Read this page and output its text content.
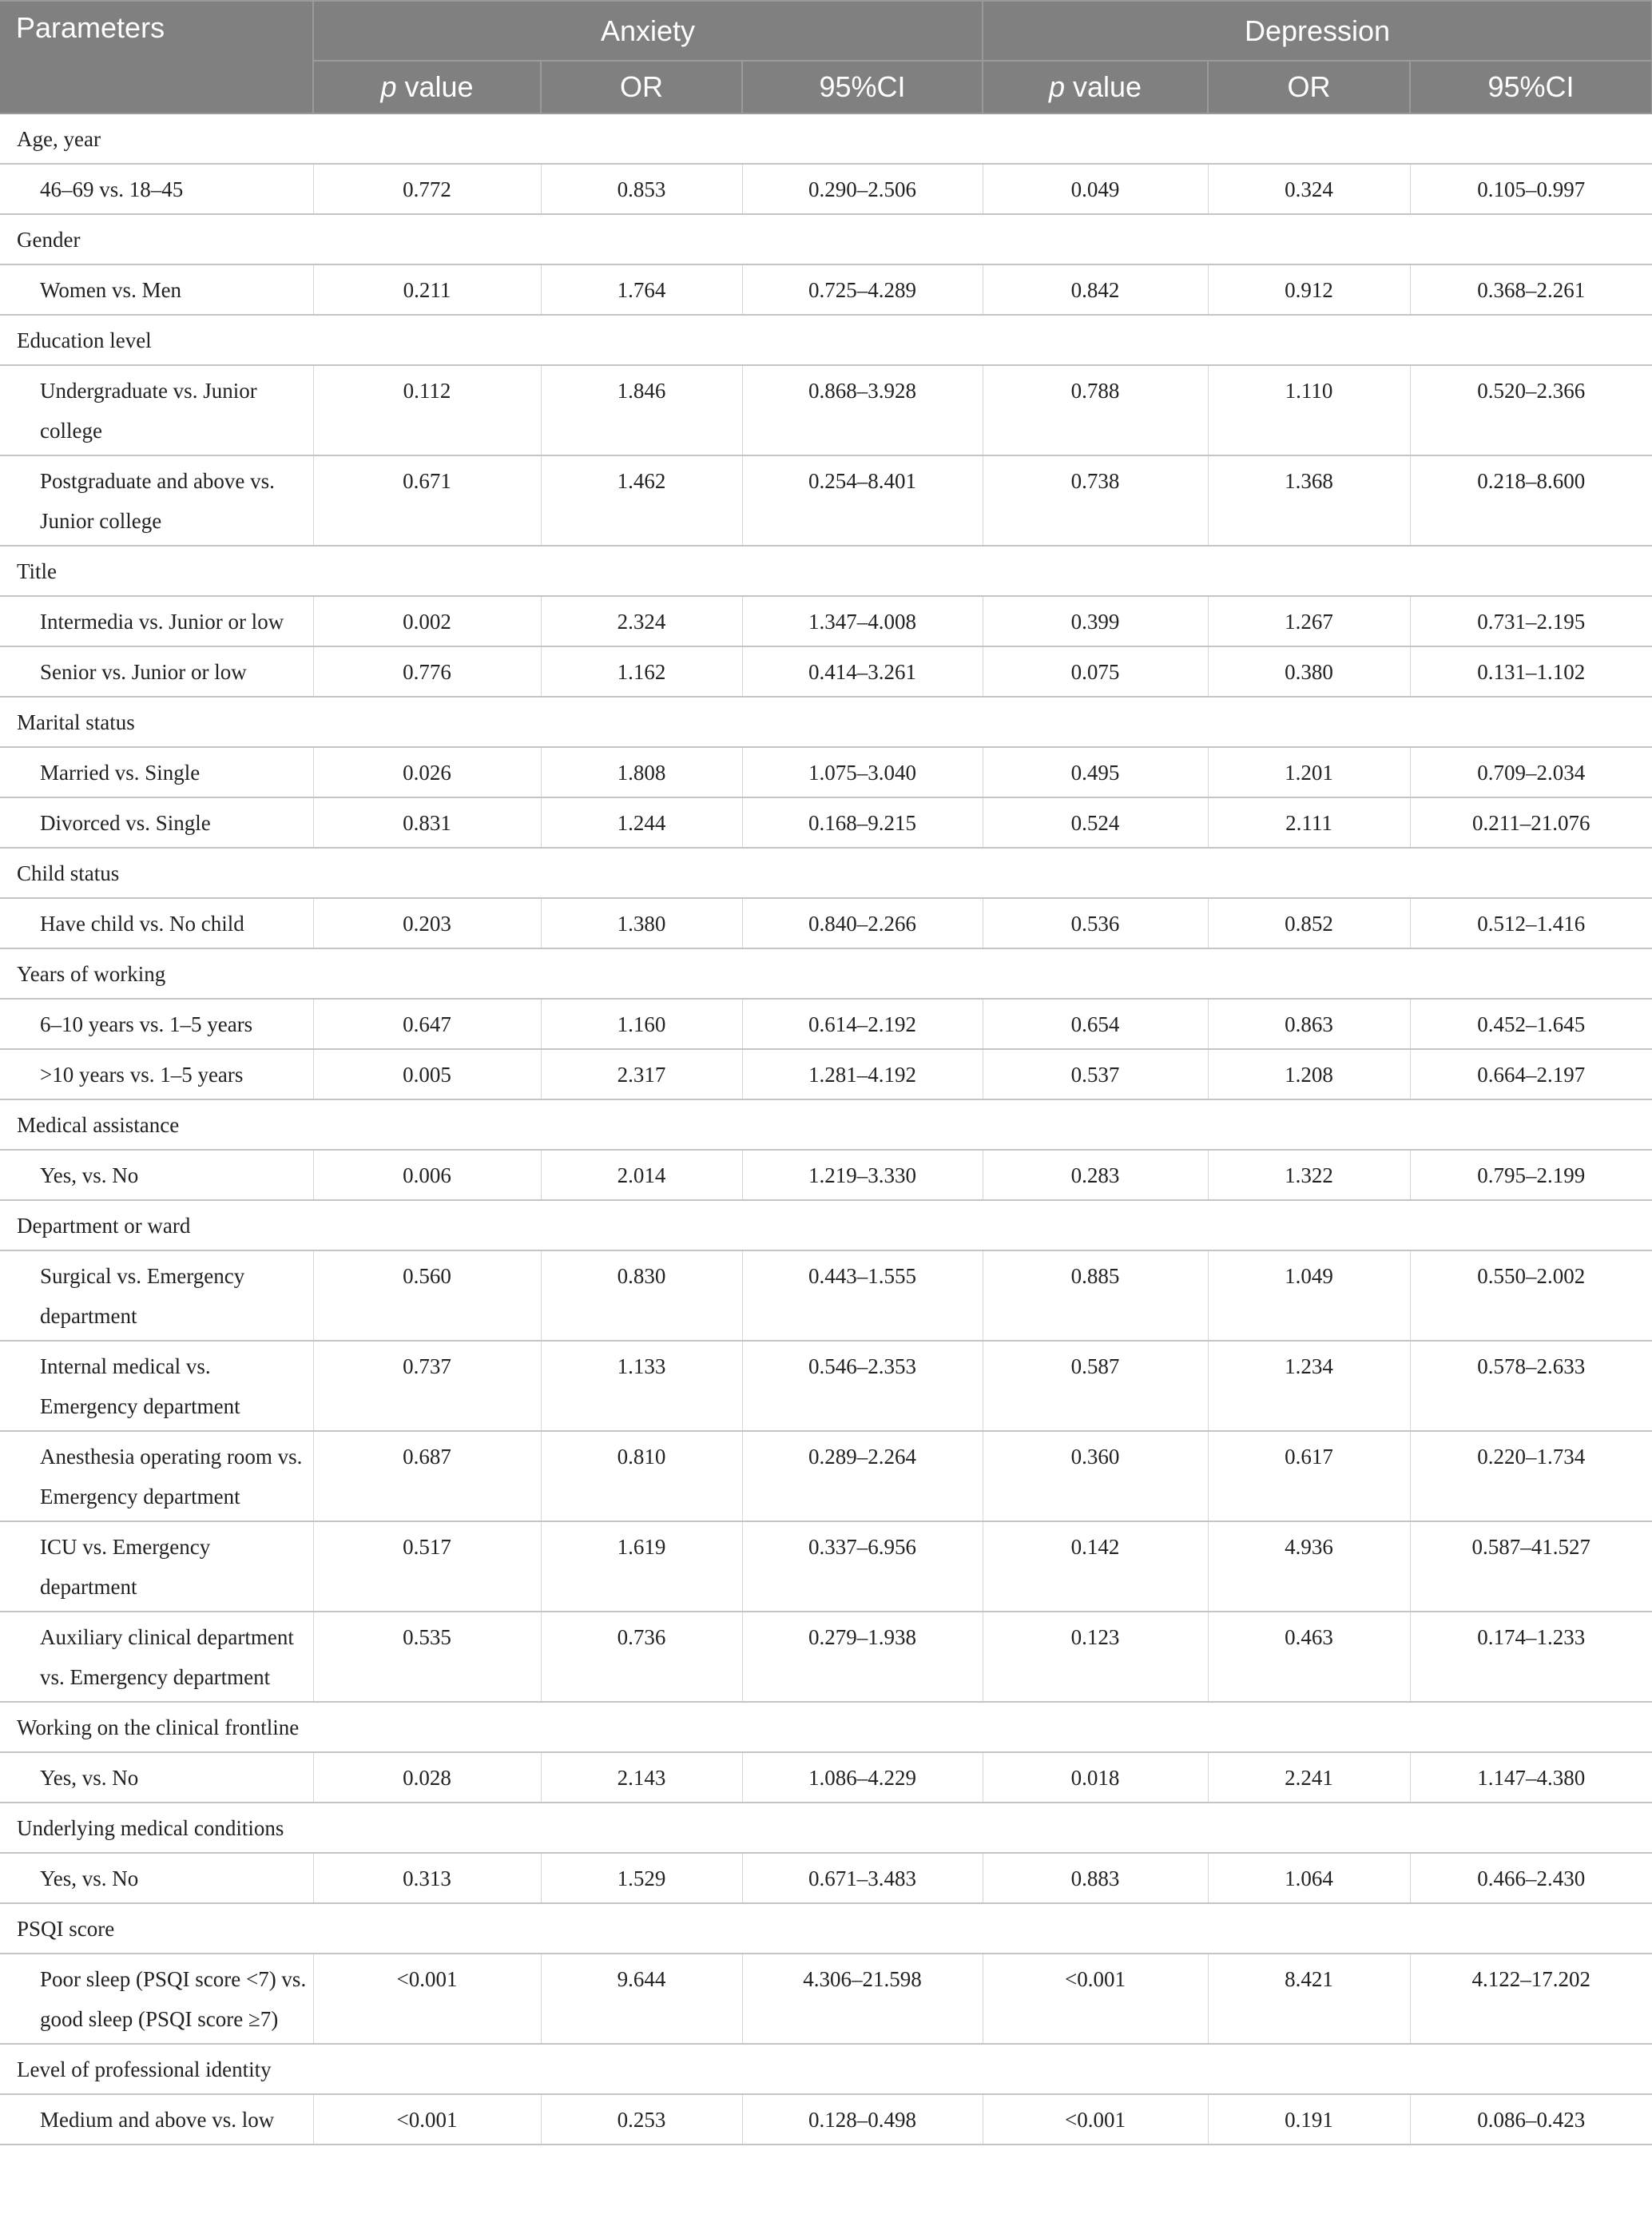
Parameters	Anxiety			Depression		
	p value	OR	95%CI	p value	OR	95%CI
Age, year						
46–69 vs. 18–45	0.772	0.853	0.290–2.506	0.049	0.324	0.105–0.997
Gender						
Women vs. Men	0.211	1.764	0.725–4.289	0.842	0.912	0.368–2.261
Education level						
Undergraduate vs. Junior college	0.112	1.846	0.868–3.928	0.788	1.110	0.520–2.366
Postgraduate and above vs. Junior college	0.671	1.462	0.254–8.401	0.738	1.368	0.218–8.600
Title						
Intermedia vs. Junior or low	0.002	2.324	1.347–4.008	0.399	1.267	0.731–2.195
Senior vs. Junior or low	0.776	1.162	0.414–3.261	0.075	0.380	0.131–1.102
Marital status						
Married vs. Single	0.026	1.808	1.075–3.040	0.495	1.201	0.709–2.034
Divorced vs. Single	0.831	1.244	0.168–9.215	0.524	2.111	0.211–21.076
Child status						
Have child vs. No child	0.203	1.380	0.840–2.266	0.536	0.852	0.512–1.416
Years of working						
6–10 years vs. 1–5 years	0.647	1.160	0.614–2.192	0.654	0.863	0.452–1.645
>10 years vs. 1–5 years	0.005	2.317	1.281–4.192	0.537	1.208	0.664–2.197
Medical assistance						
Yes, vs. No	0.006	2.014	1.219–3.330	0.283	1.322	0.795–2.199
Department or ward						
Surgical vs. Emergency department	0.560	0.830	0.443–1.555	0.885	1.049	0.550–2.002
Internal medical vs. Emergency department	0.737	1.133	0.546–2.353	0.587	1.234	0.578–2.633
Anesthesia operating room vs. Emergency department	0.687	0.810	0.289–2.264	0.360	0.617	0.220–1.734
ICU vs. Emergency department	0.517	1.619	0.337–6.956	0.142	4.936	0.587–41.527
Auxiliary clinical department vs. Emergency department	0.535	0.736	0.279–1.938	0.123	0.463	0.174–1.233
Working on the clinical frontline						
Yes, vs. No	0.028	2.143	1.086–4.229	0.018	2.241	1.147–4.380
Underlying medical conditions						
Yes, vs. No	0.313	1.529	0.671–3.483	0.883	1.064	0.466–2.430
PSQI score						
Poor sleep (PSQI score <7) vs. good sleep (PSQI score ≥7)	<0.001	9.644	4.306–21.598	<0.001	8.421	4.122–17.202
Level of professional identity						
Medium and above vs. low	<0.001	0.253	0.128–0.498	<0.001	0.191	0.086–0.423
